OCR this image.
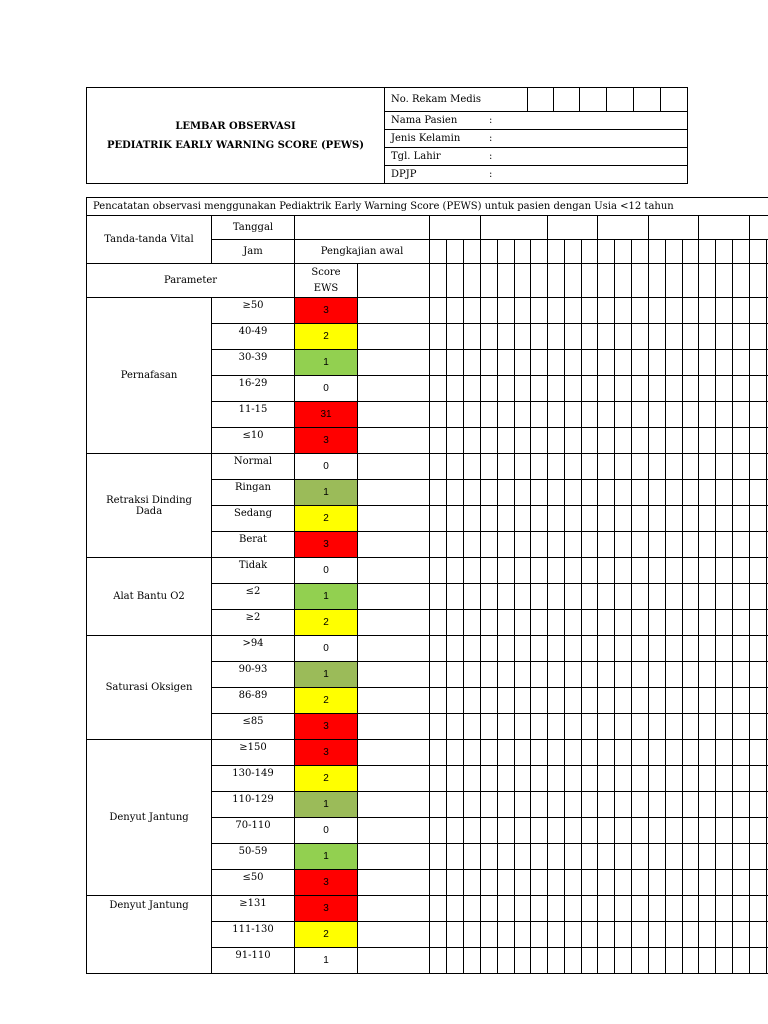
LEMBAR OBSERVASI
PEDIATRIK EARLY WARNING SCORE (PEWS)
	No. Rekam Medis						
Nama Pasien	:
Jenis Kelamin	:
Tgl. Lahir	:
DPJP	:
Pencatatan observasi menggunakan Pediaktrik Early Warning Score (PEWS) untuk pasien dengan Usia <12 tahun																									
Tanda-tanda Vital	Tanggal																								
	Jam	Pengkajian awal																							
Parameter		Score
EWS																							
Pernafasan	≥50	3																							
	40-49	2																							
	30-39	1																							
	16-29	0																							
	11-15	31																							
	≤10	3																							
Retraksi Dinding Dada	Normal	0																							
	Ringan	1																							
	Sedang	2																							
	Berat	3																							
Alat Bantu O2	Tidak	0																							
	≤2	1																							
	≥2	2																							
Saturasi Oksigen	>94	0																							
	90-93	1																							
	86-89	2																							
	≤85	3																							
Denyut Jantung	≥150	3																							
	130-149	2																							
	110-129	1																							
	70-110	0																							
	50-59	1																							
	≤50	3																							
Denyut Jantung	≥131	3																							
	111-130	2																							
	91-110	1																							
